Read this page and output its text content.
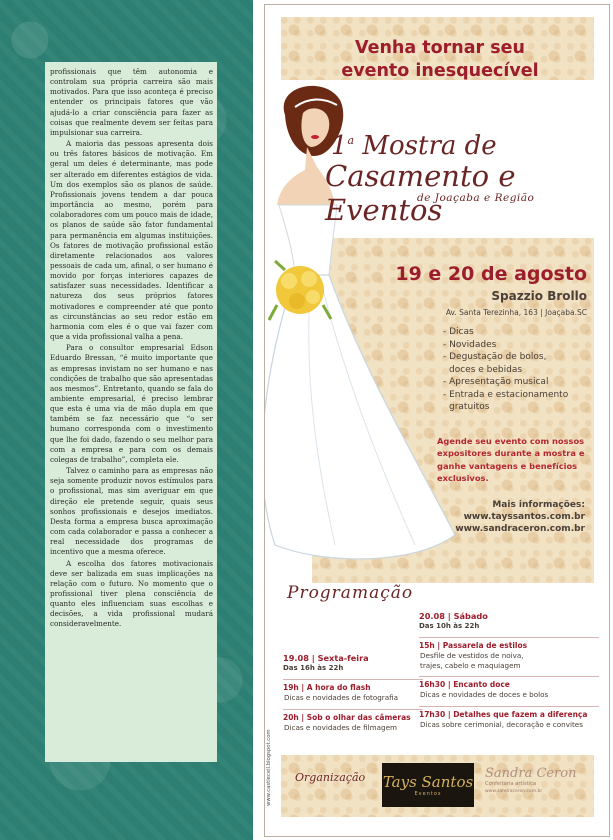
profissionais que têm autonomia e controlam sua própria carreira são mais motivados. Para que isso aconteça é preciso entender os principais fatores que vão ajudá-lo a criar consciência para fazer as coisas que realmente devem ser feitas para impulsionar sua carreira.

A maioria das pessoas apresenta dois ou três fatores básicos de motivação. Em geral um deles é determinante, mas pode ser alterado em diferentes estágios de vida. Um dos exemplos são os planos de saúde. Profissionais jovens tendem a dar pouca importância ao mesmo, porém para colaboradores com um pouco mais de idade, os planos de saúde são fator fundamental para permanência em algumas instituições. Os fatores de motivação profissional estão diretamente relacionados aos valores pessoais de cada um, afinal, o ser humano é movido por forças interiores capazes de satisfazer suas necessidades. Identificar a natureza dos seus próprios fatores motivadores e compreender até que ponto as circunstâncias ao seu redor estão em harmonia com eles é o que vai fazer com que a vida profissional valha a pena.

Para o consultor empresarial Edson Eduardo Bressan, “é muito importante que as empresas invistam no ser humano e nas condições de trabalho que são apresentadas aos mesmos”. Entretanto, quando se fala do ambiente empresarial, é preciso lembrar que esta é uma via de mão dupla em que também se faz necessário que “o ser humano corresponda com o investimento que lhe foi dado, fazendo o seu melhor para com a empresa e para com os demais colegas de trabalho”, completa ele.

Talvez o caminho para as empresas não seja somente produzir novos estímulos para o profissional, mas sim averiguar em que direção ele pretende seguir, quais seus sonhos profissionais e desejos imediatos. Desta forma a empresa busca aproximação com cada colaborador e passa a conhecer a real necessidade dos programas de incentivo que a mesma oferece.

A escolha dos fatores motivacionais deve ser balizada em suas implicações na relação com o futuro. No momento que o profissional tiver plena consciência de quanto eles influenciam suas escolhas e decisões, a vida profissional mudará consideravelmente.

Venha tornar seu
evento inesquecível
1$^a$ Mostra de
Casamento e Eventos
de Joaçaba e Região
19 e 20 de agosto
Spazzio Brollo
Av. Santa Terezinha, 163 | Joaçaba.SC
- Dicas
- Novidades
- Degustação de bolos,
doces e bebidas
- Apresentação musical
- Entrada e estacionamento
gratuitos
Agende seu evento com nossos expositores durante a mostra e ganhe vantagens e benefícios exclusivos.
Mais informações:
www.tayssantos.com.br
www.sandraceron.com.br
Programação
20.08 | Sábado
Das 10h às 22h
15h | Passarela de estilos
Desfile de vestidos de noiva,
trajes, cabelo e maquiagem
16h30 | Encanto doce
Dicas e novidades de doces e bolos
17h30 | Detalhes que fazem a diferença
Dicas sobre cerimonial, decoração e convites
19.08 | Sexta-feira
Das 16h às 22h
19h | A hora do flash
Dicas e novidades de fotografia
20h | Sob o olhar das câmeras
Dicas e novidades de filmagem
Organização Tays Santos
Eventos
Sandra Ceron
Confeitaria artística
www.sandraceron.com.br
www.castlecell.blogspot.com
